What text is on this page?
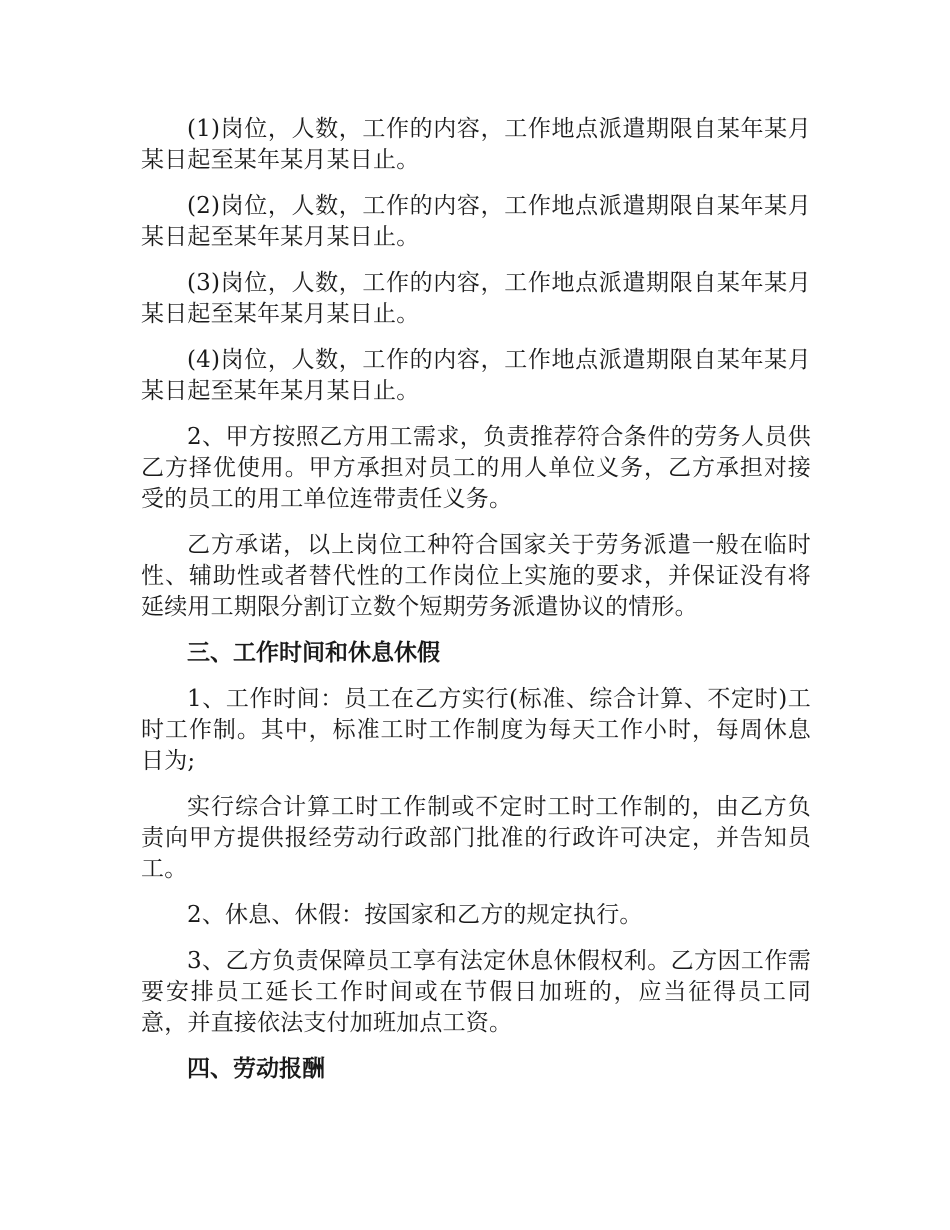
(1)岗位，人数，工作的内容，工作地点派遣期限自某年某月某日起至某年某月某日止。

(2)岗位，人数，工作的内容，工作地点派遣期限自某年某月某日起至某年某月某日止。

(3)岗位，人数，工作的内容，工作地点派遣期限自某年某月某日起至某年某月某日止。

(4)岗位，人数，工作的内容，工作地点派遣期限自某年某月某日起至某年某月某日止。

2、甲方按照乙方用工需求，负责推荐符合条件的劳务人员供乙方择优使用。甲方承担对员工的用人单位义务，乙方承担对接受的员工的用工单位连带责任义务。

乙方承诺，以上岗位工种符合国家关于劳务派遣一般在临时性、辅助性或者替代性的工作岗位上实施的要求，并保证没有将延续用工期限分割订立数个短期劳务派遣协议的情形。

三、工作时间和休息休假

1、工作时间：员工在乙方实行(标准、综合计算、不定时)工时工作制。其中，标准工时工作制度为每天工作小时，每周休息日为;

实行综合计算工时工作制或不定时工时工作制的，由乙方负责向甲方提供报经劳动行政部门批准的行政许可决定，并告知员工。

2、休息、休假：按国家和乙方的规定执行。

3、乙方负责保障员工享有法定休息休假权利。乙方因工作需要安排员工延长工作时间或在节假日加班的，应当征得员工同意，并直接依法支付加班加点工资。

四、劳动报酬
